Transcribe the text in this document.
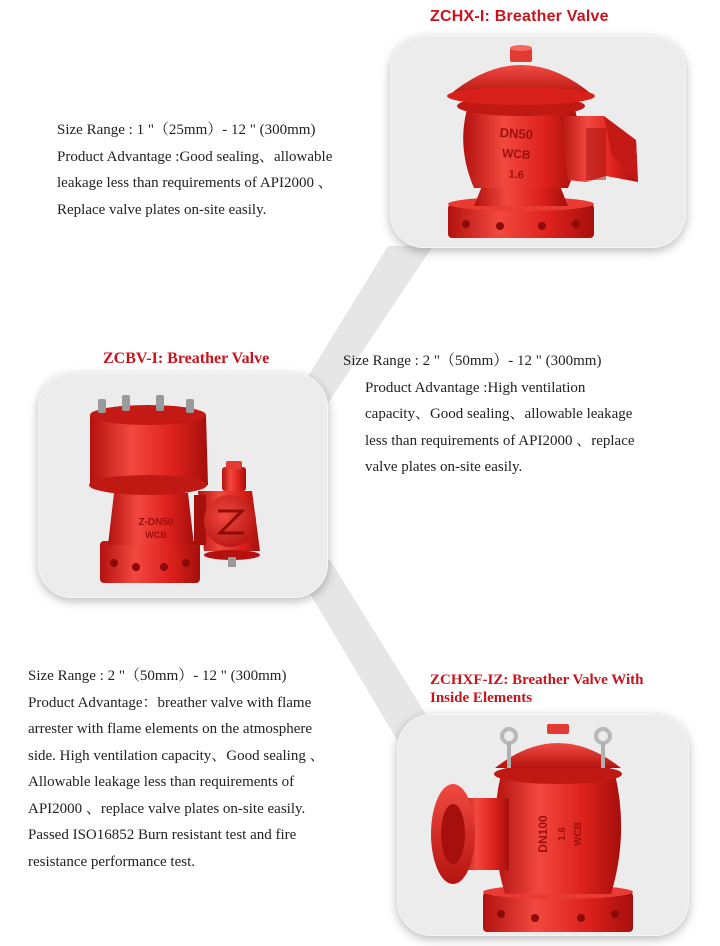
ZCHX-I: Breather Valve
DN50
WCB
1.6

Size Range : 1 "（25mm）- 12 " (300mm)

Product Advantage :Good sealing、allowable

leakage less than requirements of API2000 、

Replace valve plates on-site easily.

ZCBV-I: Breather Valve
Z-DN50
WCB

Size Range : 2 "（50mm）- 12 " (300mm)

Product Advantage :High ventilation

capacity、Good sealing、allowable leakage

less than requirements of API2000 、replace

valve plates on-site easily.

ZCHXF-IZ: Breather Valve With
Inside Elements

Size Range : 2 "（50mm）- 12 " (300mm)

Product Advantage：breather valve with flame

arrester with flame elements on the atmosphere

side. High ventilation capacity、Good sealing 、

Allowable leakage less than requirements of

API2000 、replace valve plates on-site easily.

Passed ISO16852 Burn resistant test and fire

resistance performance test.

DN100 1.6 WCB
